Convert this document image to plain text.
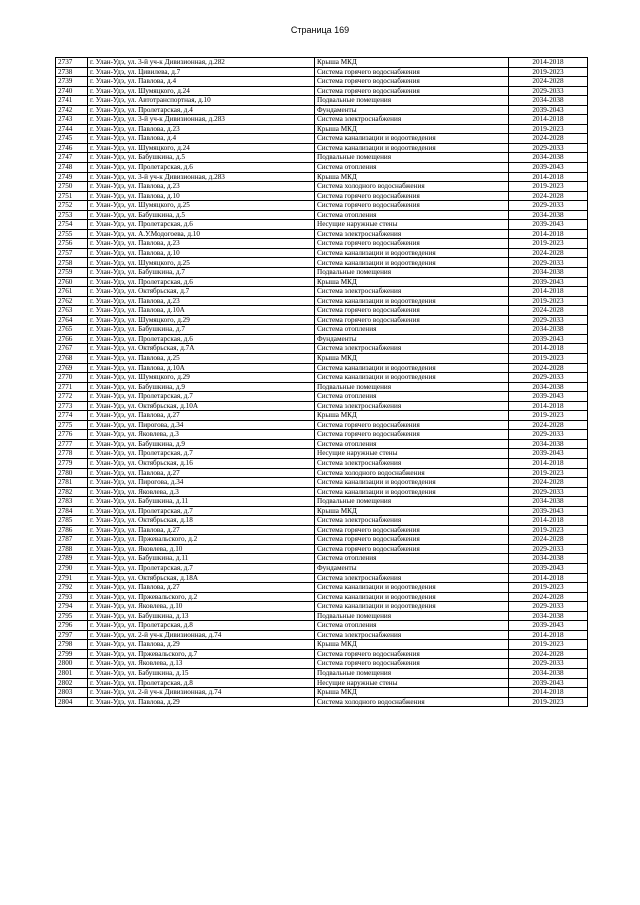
Страница 169
2737	г. Улан-Удэ, ул. 3-й уч-к Дивизионная, д.282	Крыша МКД	2014-2018
2738	г. Улан-Удэ, ул. Цивилева, д.7	Система горячего водоснабжения	2019-2023
2739	г. Улан-Удэ, ул. Павлова, д.4	Система горячего водоснабжения	2024-2028
2740	г. Улан-Удэ, ул. Шумяцкого, д.24	Система горячего водоснабжения	2029-2033
2741	г. Улан-Удэ, ул. Автотранспортная, д.10	Подвальные помещения	2034-2038
2742	г. Улан-Удэ, ул. Пролетарская, д.4	Фундаменты	2039-2043
2743	г. Улан-Удэ, ул. 3-й уч-к Дивизионная, д.283	Система электроснабжения	2014-2018
2744	г. Улан-Удэ, ул. Павлова, д.23	Крыша МКД	2019-2023
2745	г. Улан-Удэ, ул. Павлова, д.4	Система канализации и водоотведения	2024-2028
2746	г. Улан-Удэ, ул. Шумяцкого, д.24	Система канализации и водоотведения	2029-2033
2747	г. Улан-Удэ, ул. Бабушкина, д.5	Подвальные помещения	2034-2038
2748	г. Улан-Удэ, ул. Пролетарская, д.6	Система отопления	2039-2043
2749	г. Улан-Удэ, ул. 3-й уч-к Дивизионная, д.283	Крыша МКД	2014-2018
2750	г. Улан-Удэ, ул. Павлова, д.23	Система холодного водоснабжения	2019-2023
2751	г. Улан-Удэ, ул. Павлова, д.10	Система горячего водоснабжения	2024-2028
2752	г. Улан-Удэ, ул. Шумяцкого, д.25	Система горячего водоснабжения	2029-2033
2753	г. Улан-Удэ, ул. Бабушкина, д.5	Система отопления	2034-2038
2754	г. Улан-Удэ, ул. Пролетарская, д.6	Несущие наружные стены	2039-2043
2755	г. Улан-Удэ, ул. А.У.Модогоева, д.10	Система электроснабжения	2014-2018
2756	г. Улан-Удэ, ул. Павлова, д.23	Система горячего водоснабжения	2019-2023
2757	г. Улан-Удэ, ул. Павлова, д.10	Система канализации и водоотведения	2024-2028
2758	г. Улан-Удэ, ул. Шумяцкого, д.25	Система канализации и водоотведения	2029-2033
2759	г. Улан-Удэ, ул. Бабушкина, д.7	Подвальные помещения	2034-2038
2760	г. Улан-Удэ, ул. Пролетарская, д.6	Крыша МКД	2039-2043
2761	г. Улан-Удэ, ул. Октябрьская, д.7	Система электроснабжения	2014-2018
2762	г. Улан-Удэ, ул. Павлова, д.23	Система канализации и водоотведения	2019-2023
2763	г. Улан-Удэ, ул. Павлова, д.10А	Система горячего водоснабжения	2024-2028
2764	г. Улан-Удэ, ул. Шумяцкого, д.29	Система горячего водоснабжения	2029-2033
2765	г. Улан-Удэ, ул. Бабушкина, д.7	Система отопления	2034-2038
2766	г. Улан-Удэ, ул. Пролетарская, д.6	Фундаменты	2039-2043
2767	г. Улан-Удэ, ул. Октябрьская, д.7А	Система электроснабжения	2014-2018
2768	г. Улан-Удэ, ул. Павлова, д.25	Крыша МКД	2019-2023
2769	г. Улан-Удэ, ул. Павлова, д.10А	Система канализации и водоотведения	2024-2028
2770	г. Улан-Удэ, ул. Шумяцкого, д.29	Система канализации и водоотведения	2029-2033
2771	г. Улан-Удэ, ул. Бабушкина, д.9	Подвальные помещения	2034-2038
2772	г. Улан-Удэ, ул. Пролетарская, д.7	Система отопления	2039-2043
2773	г. Улан-Удэ, ул. Октябрьская, д.10А	Система электроснабжения	2014-2018
2774	г. Улан-Удэ, ул. Павлова, д.27	Крыша МКД	2019-2023
2775	г. Улан-Удэ, ул. Пирогова, д.34	Система горячего водоснабжения	2024-2028
2776	г. Улан-Удэ, ул. Яковлева, д.3	Система горячего водоснабжения	2029-2033
2777	г. Улан-Удэ, ул. Бабушкина, д.9	Система отопления	2034-2038
2778	г. Улан-Удэ, ул. Пролетарская, д.7	Несущие наружные стены	2039-2043
2779	г. Улан-Удэ, ул. Октябрьская, д.16	Система электроснабжения	2014-2018
2780	г. Улан-Удэ, ул. Павлова, д.27	Система холодного водоснабжения	2019-2023
2781	г. Улан-Удэ, ул. Пирогова, д.34	Система канализации и водоотведения	2024-2028
2782	г. Улан-Удэ, ул. Яковлева, д.3	Система канализации и водоотведения	2029-2033
2783	г. Улан-Удэ, ул. Бабушкина, д.11	Подвальные помещения	2034-2038
2784	г. Улан-Удэ, ул. Пролетарская, д.7	Крыша МКД	2039-2043
2785	г. Улан-Удэ, ул. Октябрьская, д.18	Система электроснабжения	2014-2018
2786	г. Улан-Удэ, ул. Павлова, д.27	Система горячего водоснабжения	2019-2023
2787	г. Улан-Удэ, ул. Пржевальского, д.2	Система горячего водоснабжения	2024-2028
2788	г. Улан-Удэ, ул. Яковлева, д.10	Система горячего водоснабжения	2029-2033
2789	г. Улан-Удэ, ул. Бабушкина, д.11	Система отопления	2034-2038
2790	г. Улан-Удэ, ул. Пролетарская, д.7	Фундаменты	2039-2043
2791	г. Улан-Удэ, ул. Октябрьская, д.18А	Система электроснабжения	2014-2018
2792	г. Улан-Удэ, ул. Павлова, д.27	Система канализации и водоотведения	2019-2023
2793	г. Улан-Удэ, ул. Пржевальского, д.2	Система канализации и водоотведения	2024-2028
2794	г. Улан-Удэ, ул. Яковлева, д.10	Система канализации и водоотведения	2029-2033
2795	г. Улан-Удэ, ул. Бабушкина, д.13	Подвальные помещения	2034-2038
2796	г. Улан-Удэ, ул. Пролетарская, д.8	Система отопления	2039-2043
2797	г. Улан-Удэ, ул. 2-й уч-к Дивизионная, д.74	Система электроснабжения	2014-2018
2798	г. Улан-Удэ, ул. Павлова, д.29	Крыша МКД	2019-2023
2799	г. Улан-Удэ, ул. Пржевальского, д.7	Система горячего водоснабжения	2024-2028
2800	г. Улан-Удэ, ул. Яковлева, д.13	Система горячего водоснабжения	2029-2033
2801	г. Улан-Удэ, ул. Бабушкина, д.15	Подвальные помещения	2034-2038
2802	г. Улан-Удэ, ул. Пролетарская, д.8	Несущие наружные стены	2039-2043
2803	г. Улан-Удэ, ул. 2-й уч-к Дивизионная, д.74	Крыша МКД	2014-2018
2804	г. Улан-Удэ, ул. Павлова, д.29	Система холодного водоснабжения	2019-2023
